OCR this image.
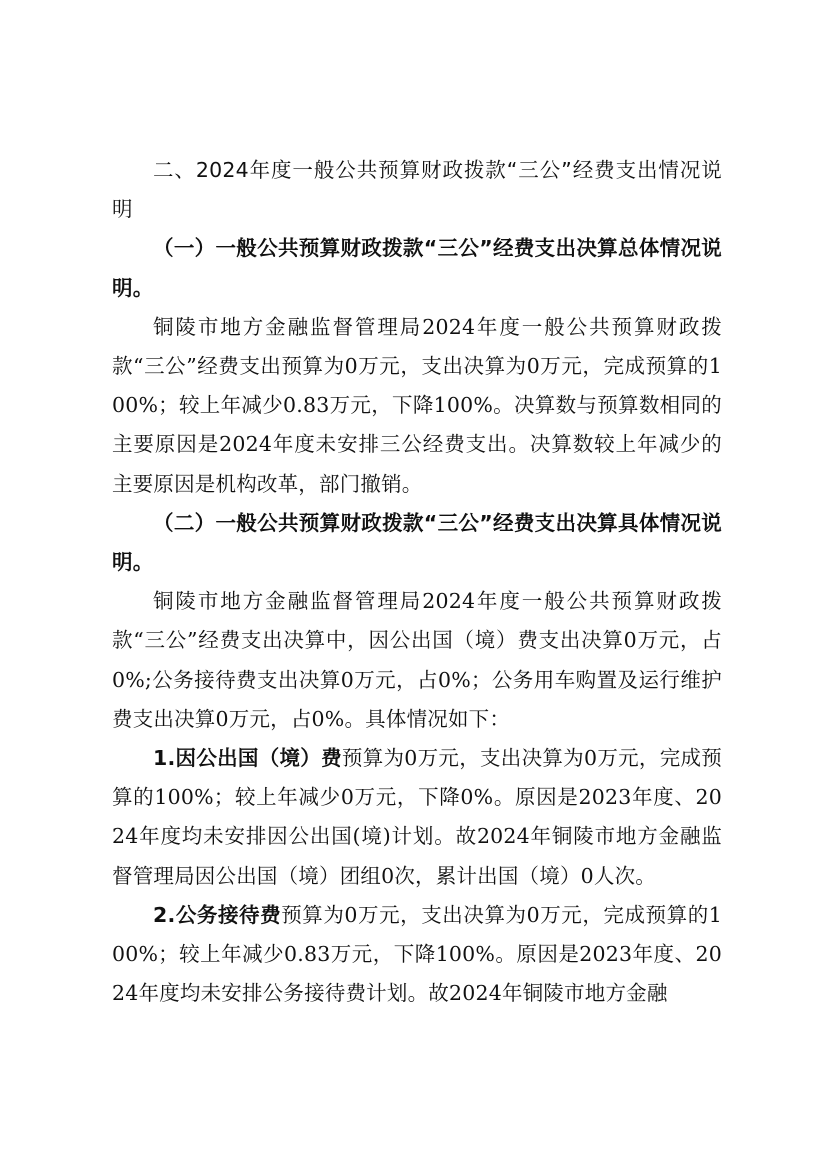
二、2024年度一般公共预算财政拨款“三公”经费支出情况说明

（一）一般公共预算财政拨款“三公”经费支出决算总体情况说明。

铜陵市地方金融监督管理局2024年度一般公共预算财政拨款“三公”经费支出预算为0万元，支出决算为0万元，完成预算的100%；较上年减少0.83万元，下降100%。决算数与预算数相同的主要原因是2024年度未安排三公经费支出。决算数较上年减少的主要原因是机构改革，部门撤销。

（二）一般公共预算财政拨款“三公”经费支出决算具体情况说明。

铜陵市地方金融监督管理局2024年度一般公共预算财政拨款“三公”经费支出决算中，因公出国（境）费支出决算0万元，占0%;公务接待费支出决算0万元，占0%；公务用车购置及运行维护费支出决算0万元，占0%。具体情况如下：

1.因公出国（境）费预算为0万元，支出决算为0万元，完成预算的100%；较上年减少0万元，下降0%。原因是2023年度、2024年度均未安排因公出国(境)计划。故2024年铜陵市地方金融监督管理局因公出国（境）团组0次，累计出国（境）0人次。

2.公务接待费预算为0万元，支出决算为0万元，完成预算的100%；较上年减少0.83万元，下降100%。原因是2023年度、2024年度均未安排公务接待费计划。故2024年铜陵市地方金融
